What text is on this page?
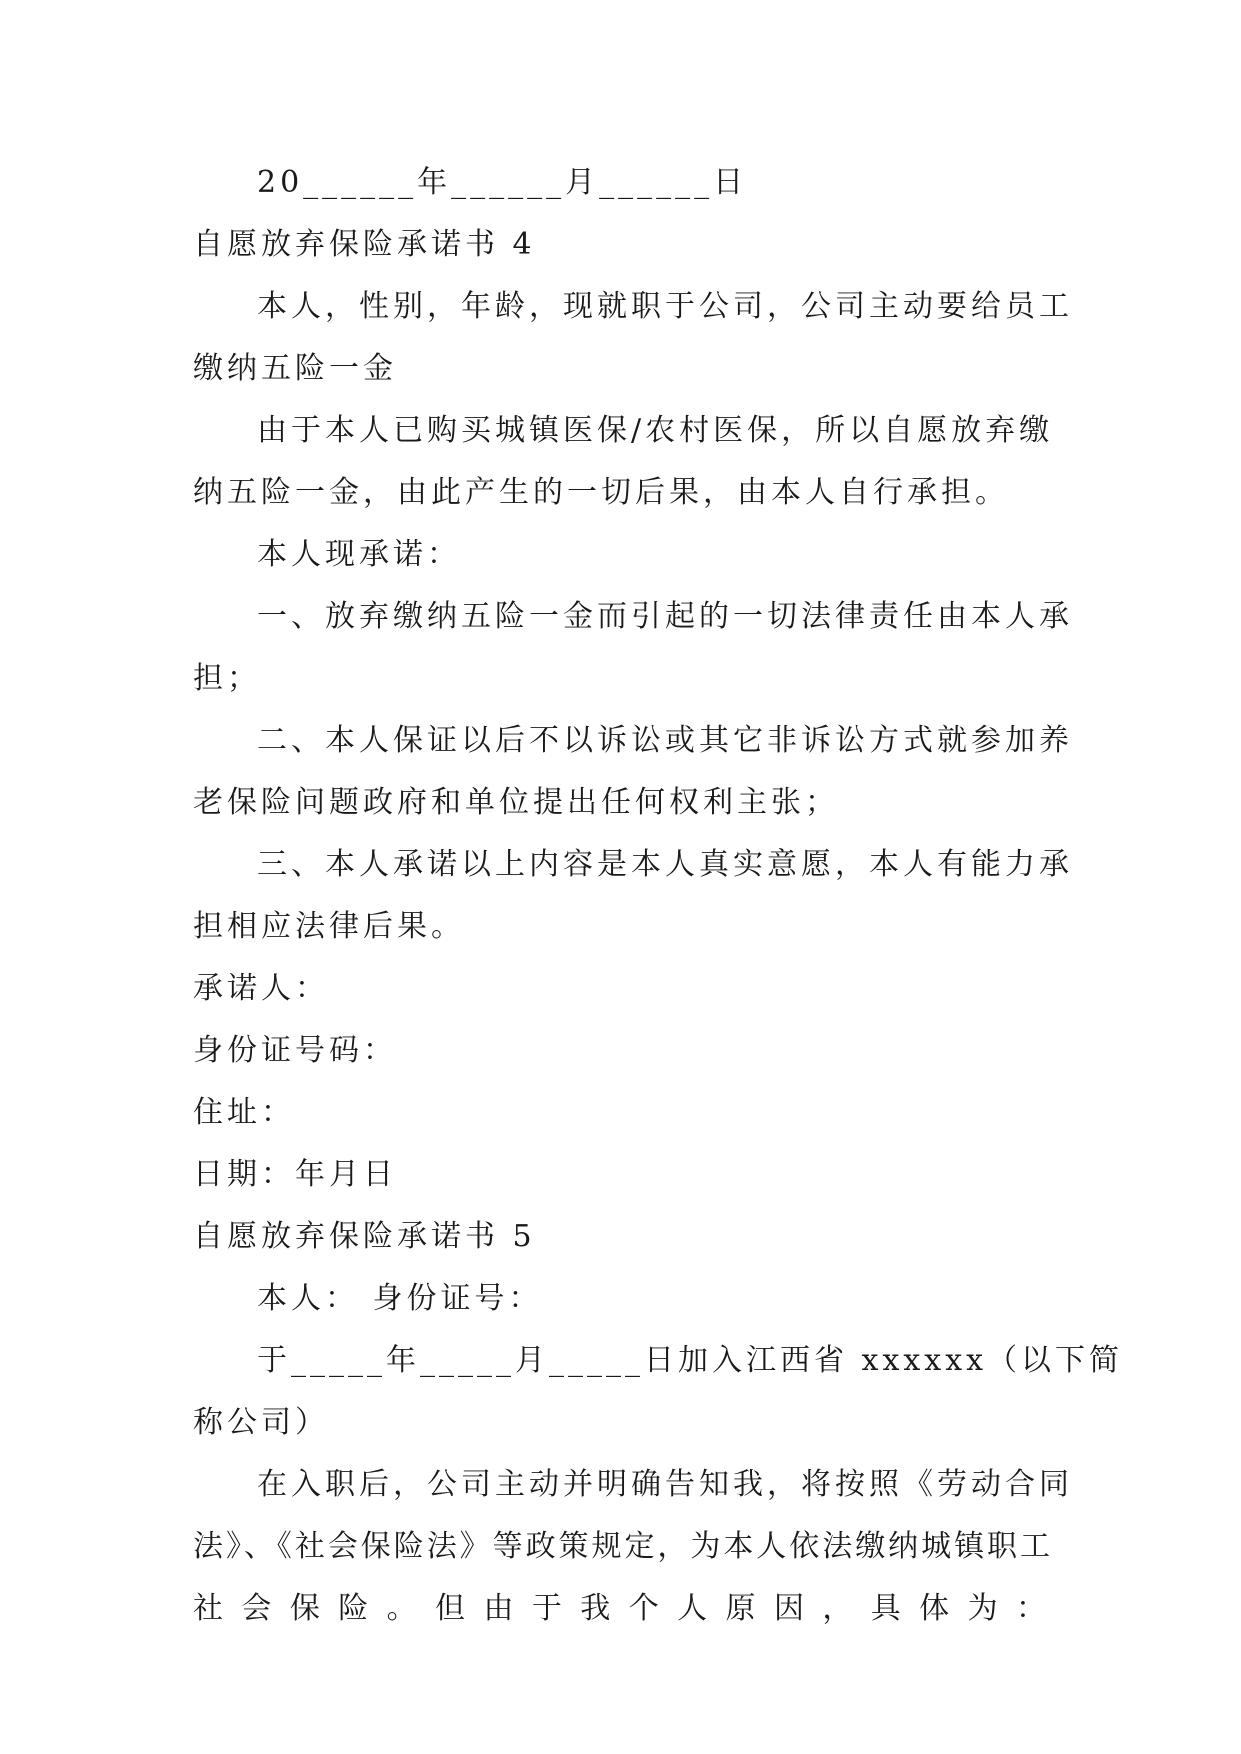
20______年______月______日
自愿放弃保险承诺书 4
本人，性别，年龄，现就职于公司，公司主动要给员工
缴纳五险一金
由于本人已购买城镇医保/农村医保，所以自愿放弃缴
纳五险一金，由此产生的一切后果，由本人自行承担。
本人现承诺：
一、放弃缴纳五险一金而引起的一切法律责任由本人承
担；
二、本人保证以后不以诉讼或其它非诉讼方式就参加养
老保险问题政府和单位提出任何权利主张；
三、本人承诺以上内容是本人真实意愿，本人有能力承
担相应法律后果。
承诺人：
身份证号码：
住址：
日期：年月日
自愿放弃保险承诺书 5
本人： 身份证号：
于_____年_____月_____日加入江西省 xxxxxx（以下简
称公司）
在入职后，公司主动并明确告知我，将按照《劳动合同
法》、《社会保险法》等政策规定，为本人依法缴纳城镇职工
社会保险。但由于我个人原因，具体为：
